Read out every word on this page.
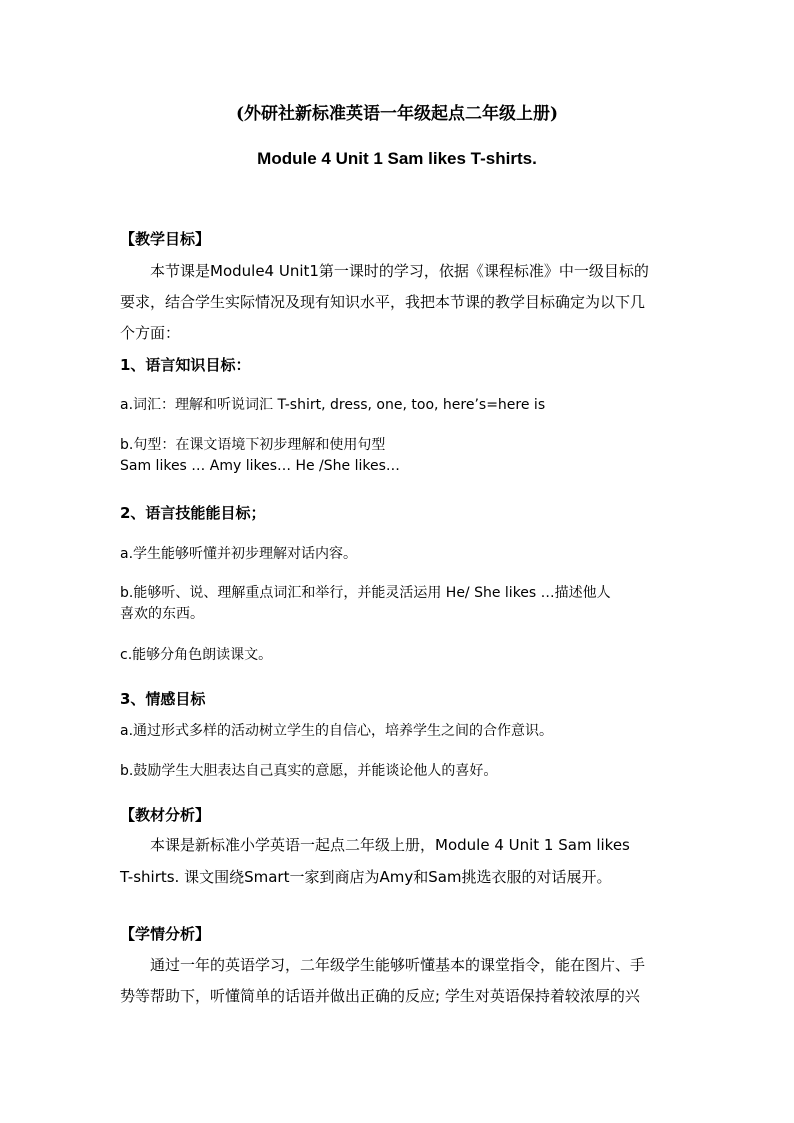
(外研社新标准英语一年级起点二年级上册)
Module 4 Unit 1 Sam likes T-shirts.
【教学目标】
本节课是Module4 Unit1第一课时的学习，依据《课程标准》中一级目标的
要求，结合学生实际情况及现有知识水平，我把本节课的教学目标确定为以下几
个方面：
1、语言知识目标：
a.词汇：理解和听说词汇 T-shirt, dress, one, too, here’s=here is
b.句型：在课文语境下初步理解和使用句型
Sam likes … Amy likes… He /She likes…
2、语言技能能目标；
a.学生能够听懂并初步理解对话内容。
b.能够听、说、理解重点词汇和举行，并能灵活运用 He/ She likes …描述他人
喜欢的东西。
c.能够分角色朗读课文。
3、情感目标
a.通过形式多样的活动树立学生的自信心，培养学生之间的合作意识。
b.鼓励学生大胆表达自己真实的意愿，并能谈论他人的喜好。
【教材分析】
本课是新标准小学英语一起点二年级上册，Module 4 Unit 1 Sam likes
T-shirts. 课文围绕Smart一家到商店为Amy和Sam挑选衣服的对话展开。
【学情分析】
通过一年的英语学习，二年级学生能够听懂基本的课堂指令，能在图片、手
势等帮助下，听懂简单的话语并做出正确的反应; 学生对英语保持着较浓厚的兴
